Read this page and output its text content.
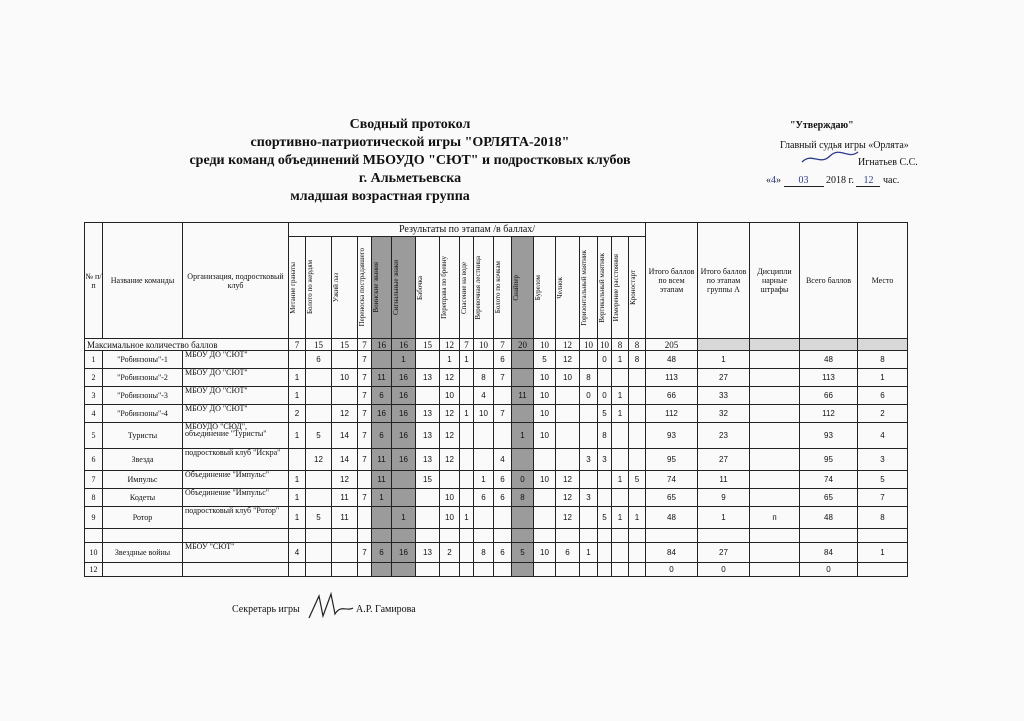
Сводный протокол
спортивно-патриотической игры "ОРЛЯТА-2018"
среди команд объединений МБОУДО "СЮТ" и подростковых клубов
г. Альметьевска
младшая возрастная группа
"Утверждаю"
Главный судья игры «Орлята»
Игнатьев С.С.
«4» 03 2018 г. 12 час.
№ п/п	Название команды	Организация, подростковый клуб	Результаты по этапам /в баллах/																		Итого баллов по всем этапам	Итого баллов по этапам группы А	Дисципли нарные штрафы	Всего баллов	Место

			Метание гранаты	Болото по жердям	Узкий лаз	Переноска пострадавшего	Воинские звания	Сигнальные знаки	Бабочка	Переправа по бревну	Спасение на воде	Веревочная лестница	Болото по кочкам	Снайпер	Бурелом	Челнок	Горизонтальный маятник	Вертикальный маятник	Измерение расстояния	Кроностарт					

Максимальное количество баллов			7	15	15	7	16	16	15	12	7	10	7	20	10	12	10	10	8	8	205				
1	"Робинзоны"-1	МБОУ ДО "СЮТ"		6		7		1		1	1		6		5	12		0	1	8	48	1		48	8
2	"Робинзоны"-2	МБОУ ДО "СЮТ"	1		10	7	11	16	13	12		8	7		10	10	8				113	27		113	1
3	"Робинзоны"-3	МБОУ ДО "СЮТ"	1			7	6	16		10		4		11	10		0	0	1		66	33		66	6
4	"Робинзоны"-4	МБОУ ДО "СЮТ"	2		12	7	16	16	13	12	1	10	7		10			5	1		112	32		112	2
5	Туристы	МБОУДО "СЮД", объединение "Туристы"	1	5	14	7	6	16	13	12				1	10			8			93	23		93	4
6	Звезда	подростковый клуб "Искра"		12	14	7	11	16	13	12			4				3	3			95	27		95	3
7	Импульс	Объединение "Импульс"	1		12		11		15			1	6	0	10	12			1	5	74	11		74	5
8	Кодеты	Объединение "Импульс"	1		11	7	1			10		6	6	8		12	3				65	9		65	7
9	Ротор	подростковый клуб "Ротор"	1	5	11			1		10	1					12		5	1	1	48	1	п	48	8

10	Звездные войны	МБОУ "СЮТ"	4			7	6	16	13	2		8	6	5	10	6	1				84	27		84	1
12																					0	0		0	
Секретарь игры	А.Р. Гамирова
